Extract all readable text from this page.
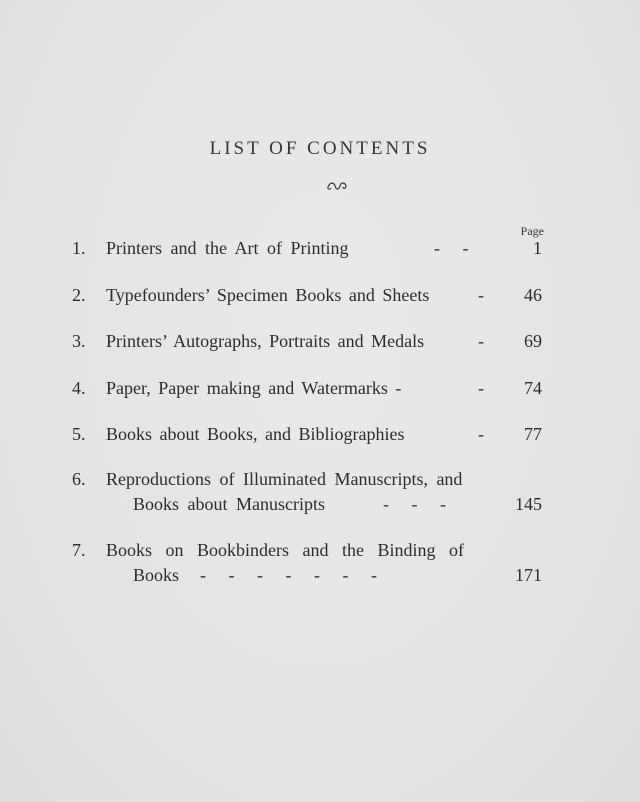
LIST OF CONTENTS
Page
1.	Printers and the Art of Printing	-     -	1
2.	Typefounders’ Specimen Books and Sheets	- 46
3.	Printers’ Autographs, Portraits and Medals	- 69
4.	Paper, Paper making and Watermarks -	- 74
5.	Books about Books, and Bibliographies	- 77
6.	Reproductions of Illuminated Manuscripts, and
Books about Manuscripts	-     -     -	145
7.	Books on Bookbinders and the Binding of
Books -     -     -     -     -     -     -	171
